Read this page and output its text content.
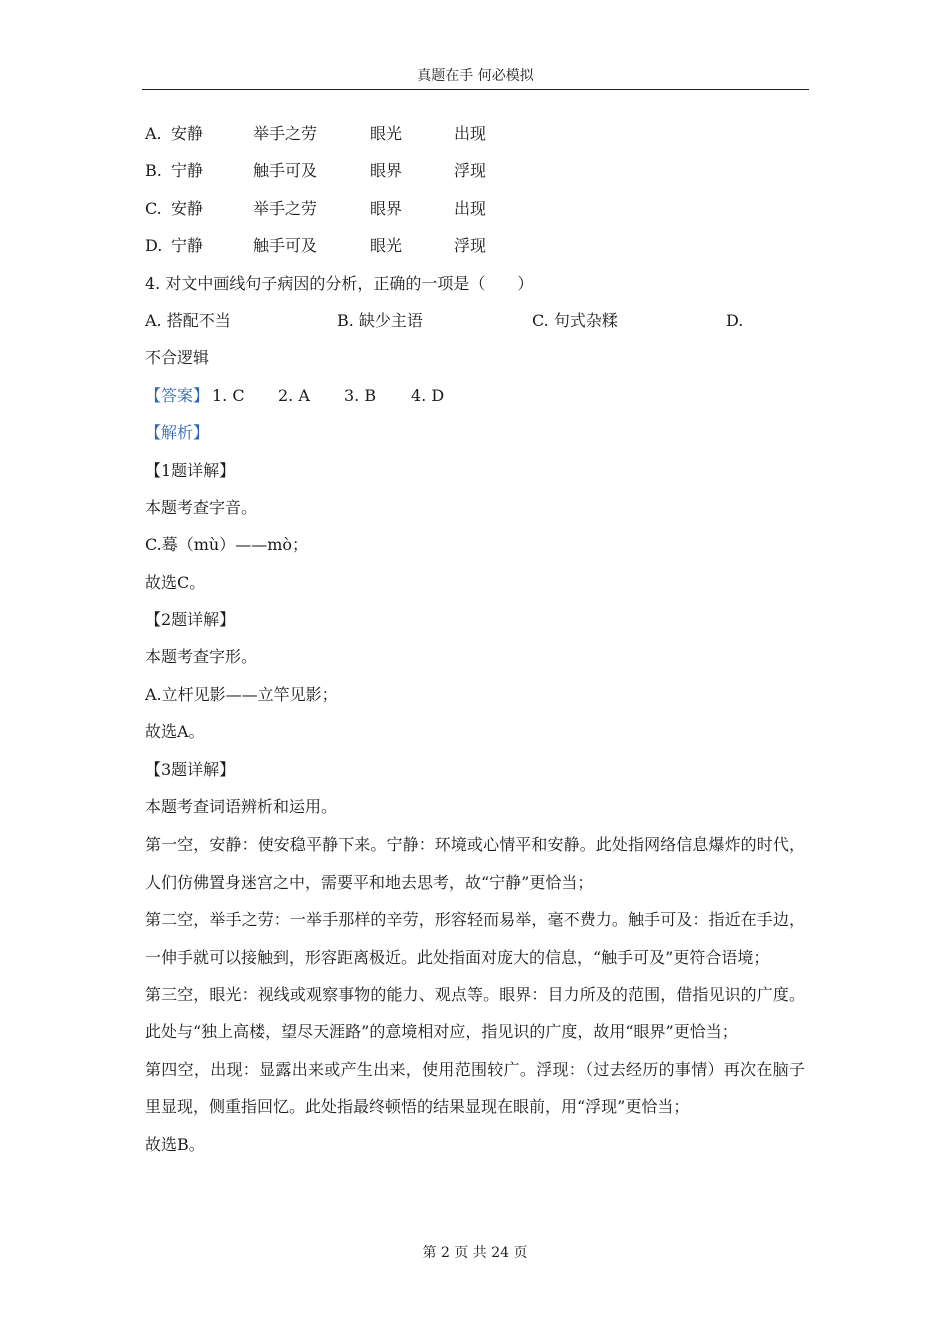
真题在手 何必模拟
A. 安静	举手之劳	眼光	出现
B. 宁静	触手可及	眼界	浮现
C. 安静	举手之劳	眼界	出现
D. 宁静	触手可及	眼光	浮现
4. 对文中画线句子病因的分析，正确的一项是（　　）
A. 搭配不当	B. 缺少主语	C. 句式杂糅	D.
不合逻辑
【答案】 1. C 2. A 3. B 4. D
【解析】
【1题详解】
本题考查字音。
C.蓦（mù）——mò；
故选C。
【2题详解】
本题考查字形。
A.立杆见影——立竿见影；
故选A。
【3题详解】
本题考查词语辨析和运用。
第一空，安静：使安稳平静下来。宁静：环境或心情平和安静。此处指网络信息爆炸的时代，人们仿佛置身迷宫之中，需要平和地去思考，故“宁静”更恰当；
第二空，举手之劳：一举手那样的辛劳，形容轻而易举，毫不费力。触手可及：指近在手边，一伸手就可以接触到，形容距离极近。此处指面对庞大的信息，“触手可及”更符合语境；
第三空，眼光：视线或观察事物的能力、观点等。眼界：目力所及的范围，借指见识的广度。此处与“独上高楼，望尽天涯路”的意境相对应，指见识的广度，故用“眼界”更恰当；
第四空，出现：显露出来或产生出来，使用范围较广。浮现：（过去经历的事情）再次在脑子里显现，侧重指回忆。此处指最终顿悟的结果显现在眼前，用“浮现”更恰当；
故选B。
第 2 页 共 24 页
